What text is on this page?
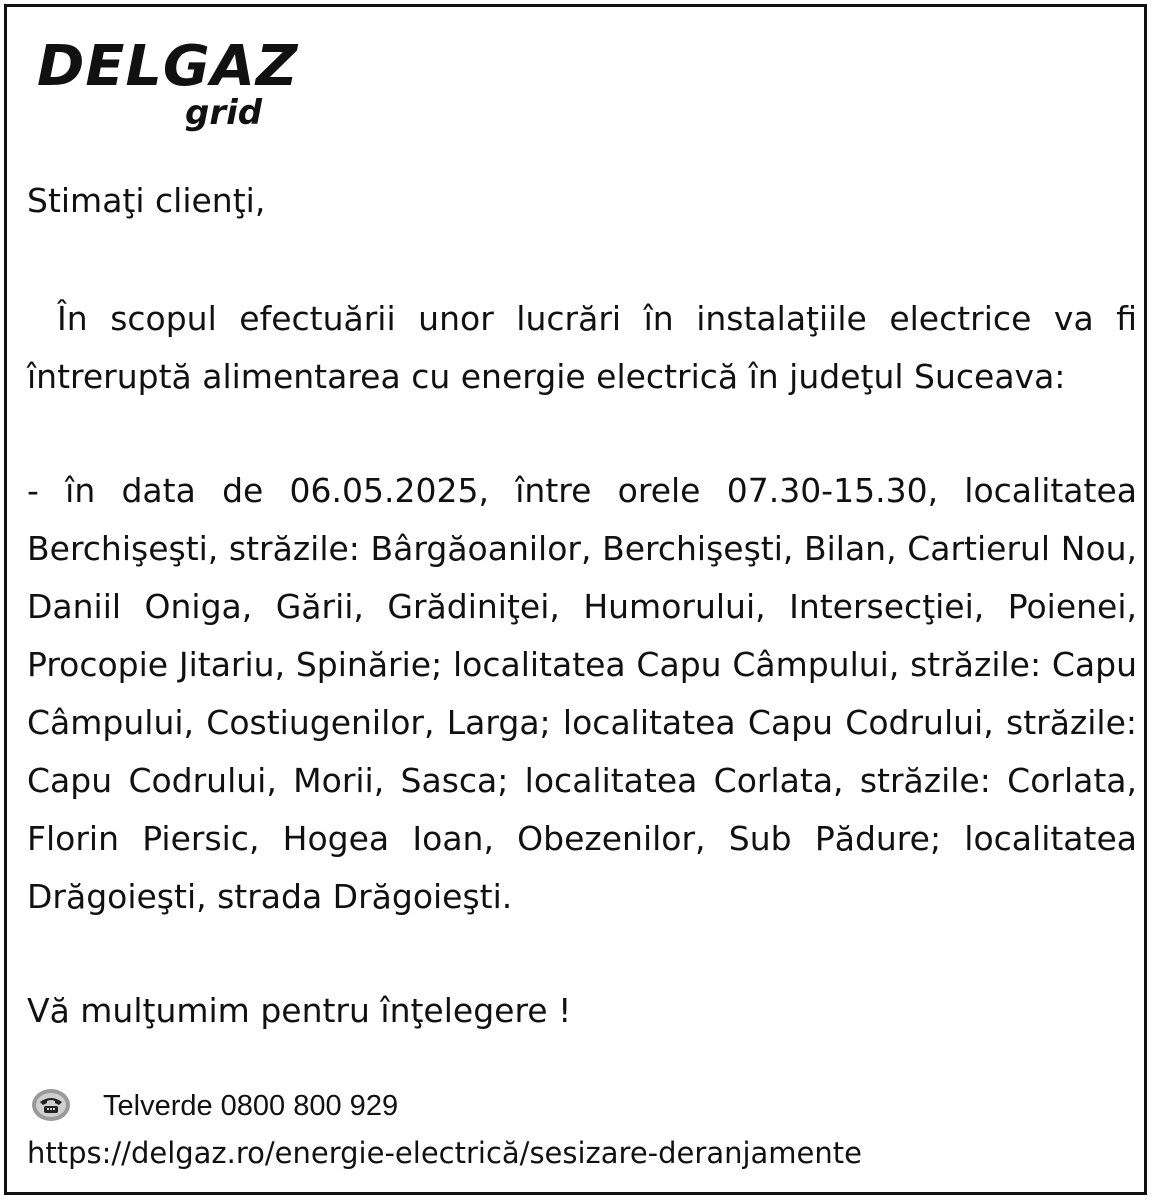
DELGAZ
grid
Stimaţi clienţi,
În scopul efectuării unor lucrări în instalaţiile electrice va fi întreruptă alimentarea cu energie electrică în judeţul Suceava:
- în data de 06.05.2025, între orele 07.30-15.30, localitatea Berchişeşti, străzile: Bârgăoanilor, Berchişeşti, Bilan, Cartierul Nou, Daniil Oniga, Gării, Grădiniţei, Humorului, Intersecţiei, Poienei, Procopie Jitariu, Spinărie; localitatea Capu Câmpului, străzile: Capu Câmpului, Costiugenilor, Larga; localitatea Capu Codrului, străzile: Capu Codrului, Morii, Sasca; localitatea Corlata, străzile: Corlata, Florin Piersic, Hogea Ioan, Obezenilor, Sub Pădure; localitatea Drăgoieşti, strada Drăgoieşti.
Vă mulţumim pentru înţelegere !
Telverde 0800 800 929
https://delgaz.ro/energie-electrică/sesizare-deranjamente
